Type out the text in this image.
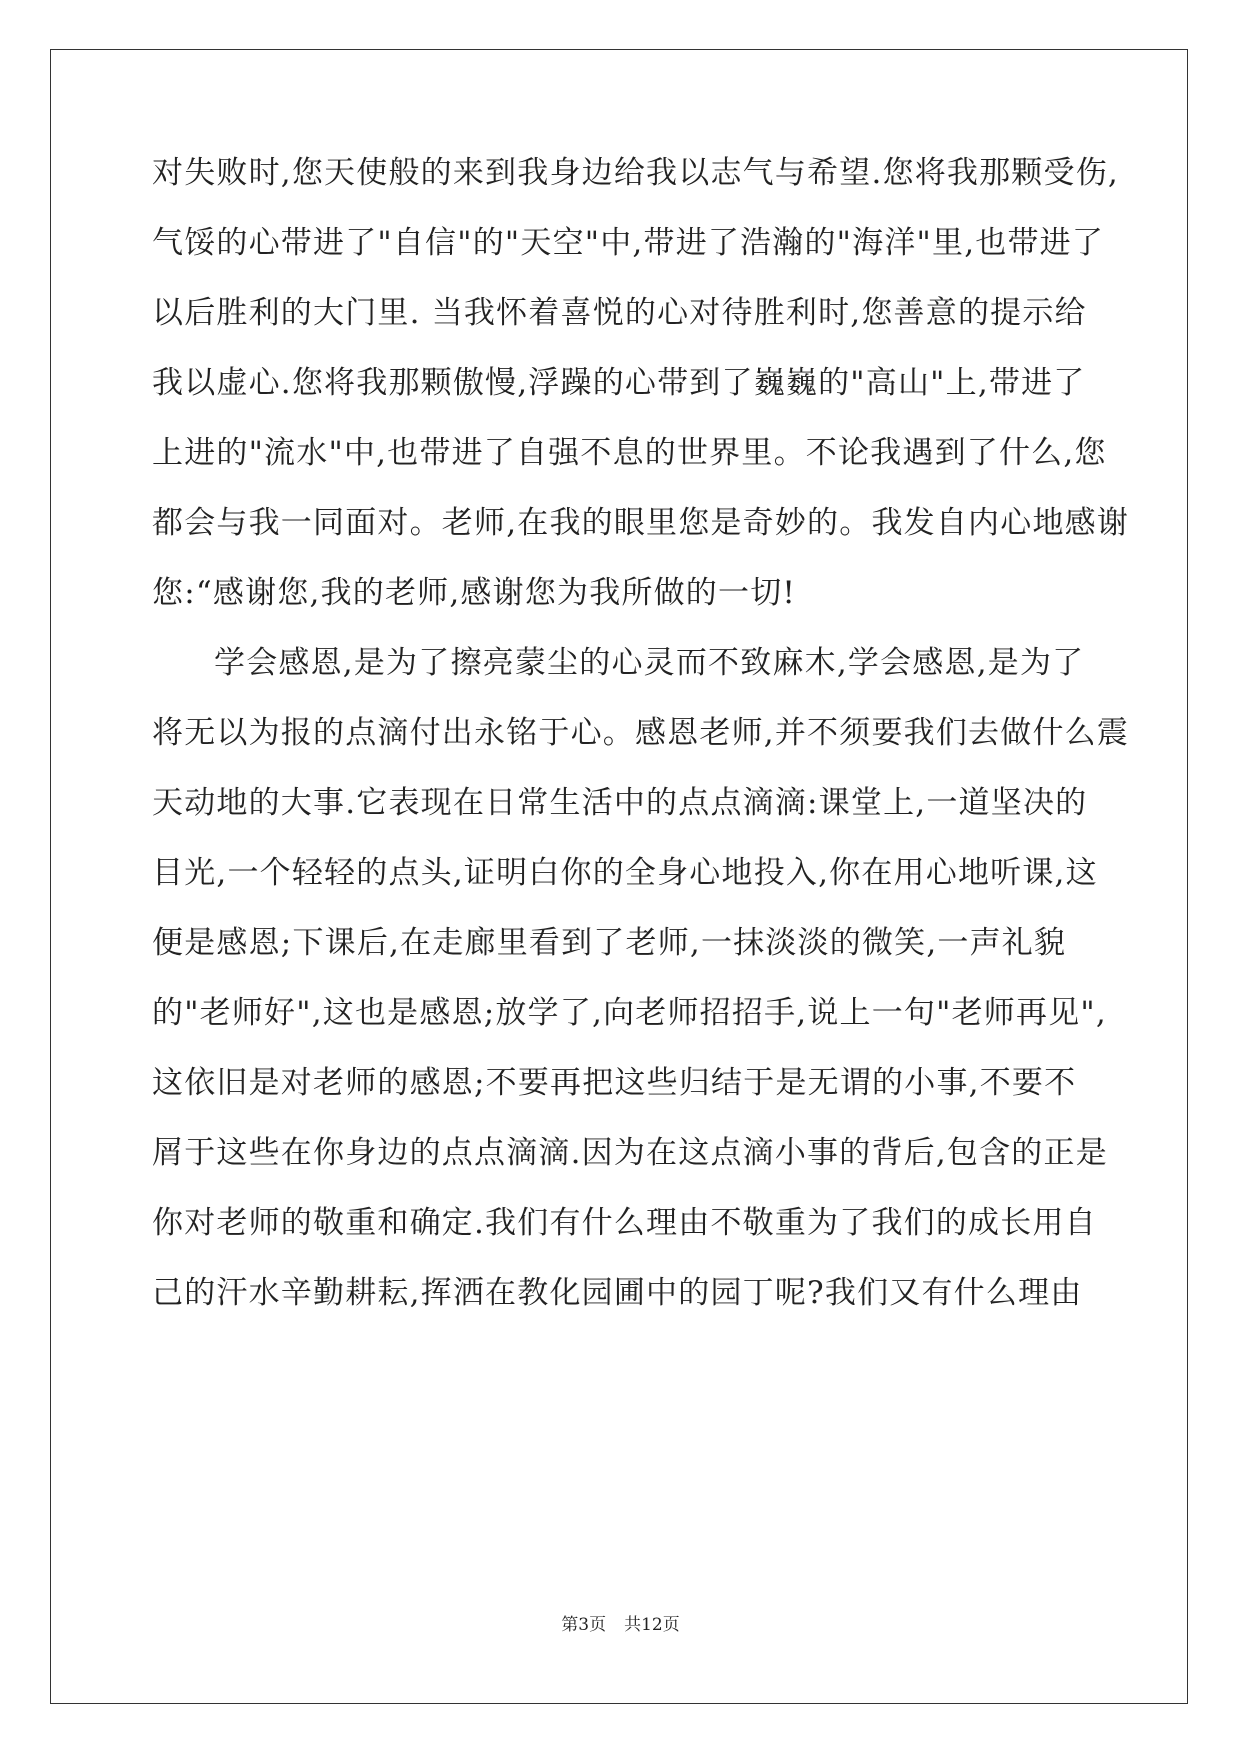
对失败时,您天使般的来到我身边给我以志气与希望.您将我那颗受伤,
气馁的心带进了"自信"的"天空"中,带进了浩瀚的"海洋"里,也带进了
以后胜利的大门里. 当我怀着喜悦的心对待胜利时,您善意的提示给
我以虚心.您将我那颗傲慢,浮躁的心带到了巍巍的"高山"上,带进了
上进的"流水"中,也带进了自强不息的世界里。不论我遇到了什么,您
都会与我一同面对。老师,在我的眼里您是奇妙的。我发自内心地感谢
您:“感谢您,我的老师,感谢您为我所做的一切!
学会感恩,是为了擦亮蒙尘的心灵而不致麻木,学会感恩,是为了
将无以为报的点滴付出永铭于心。感恩老师,并不须要我们去做什么震
天动地的大事.它表现在日常生活中的点点滴滴:课堂上,一道坚决的
目光,一个轻轻的点头,证明白你的全身心地投入,你在用心地听课,这
便是感恩;下课后,在走廊里看到了老师,一抹淡淡的微笑,一声礼貌
的"老师好",这也是感恩;放学了,向老师招招手,说上一句"老师再见",
这依旧是对老师的感恩;不要再把这些归结于是无谓的小事,不要不
屑于这些在你身边的点点滴滴.因为在这点滴小事的背后,包含的正是
你对老师的敬重和确定.我们有什么理由不敬重为了我们的成长用自
己的汗水辛勤耕耘,挥洒在教化园圃中的园丁呢?我们又有什么理由
第3页 共12页
